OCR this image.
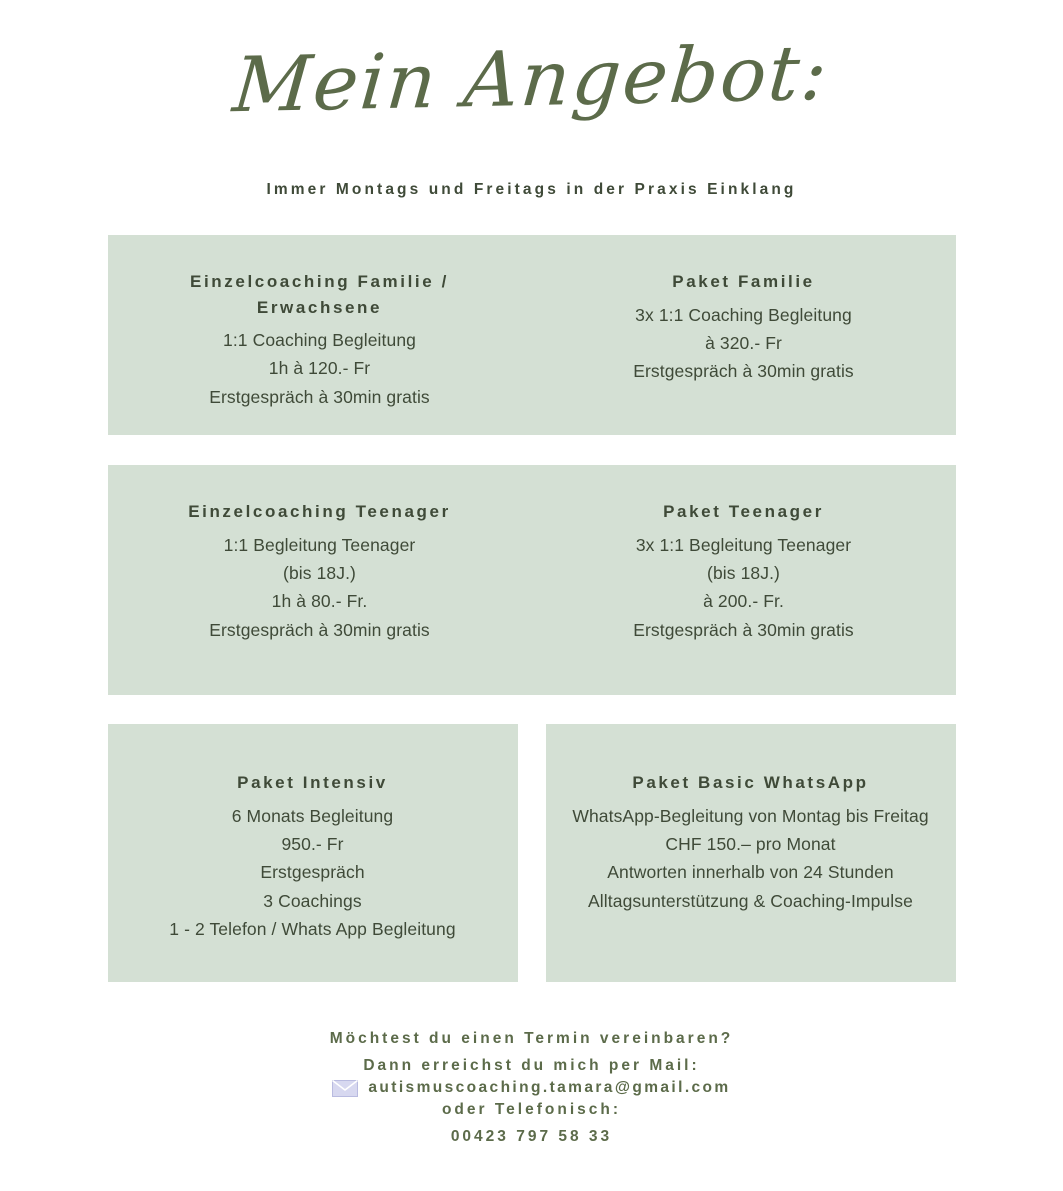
Mein Angebot:
Immer Montags und Freitags in der Praxis Einklang
Einzelcoaching Familie / Erwachsene
1:1 Coaching Begleitung
1h à 120.- Fr
Erstgespräch à 30min gratis
Paket Familie
3x 1:1 Coaching Begleitung
à 320.- Fr
Erstgespräch à 30min gratis
Einzelcoaching Teenager
1:1 Begleitung Teenager
(bis 18J.)
1h à 80.- Fr.
Erstgespräch à 30min gratis
Paket Teenager
3x 1:1 Begleitung Teenager
(bis 18J.)
à 200.- Fr.
Erstgespräch à 30min gratis
Paket Intensiv
6 Monats Begleitung
950.- Fr
Erstgespräch
3 Coachings
1 - 2 Telefon / Whats App Begleitung
Paket Basic WhatsApp
WhatsApp-Begleitung von Montag bis Freitag
CHF 150.– pro Monat
Antworten innerhalb von 24 Stunden
Alltagsunterstützung & Coaching-Impulse
Möchtest du einen Termin vereinbaren?
Dann erreichst du mich per Mail:
autismuscoaching.tamara@gmail.com
oder Telefonisch:
00423 797 58 33
